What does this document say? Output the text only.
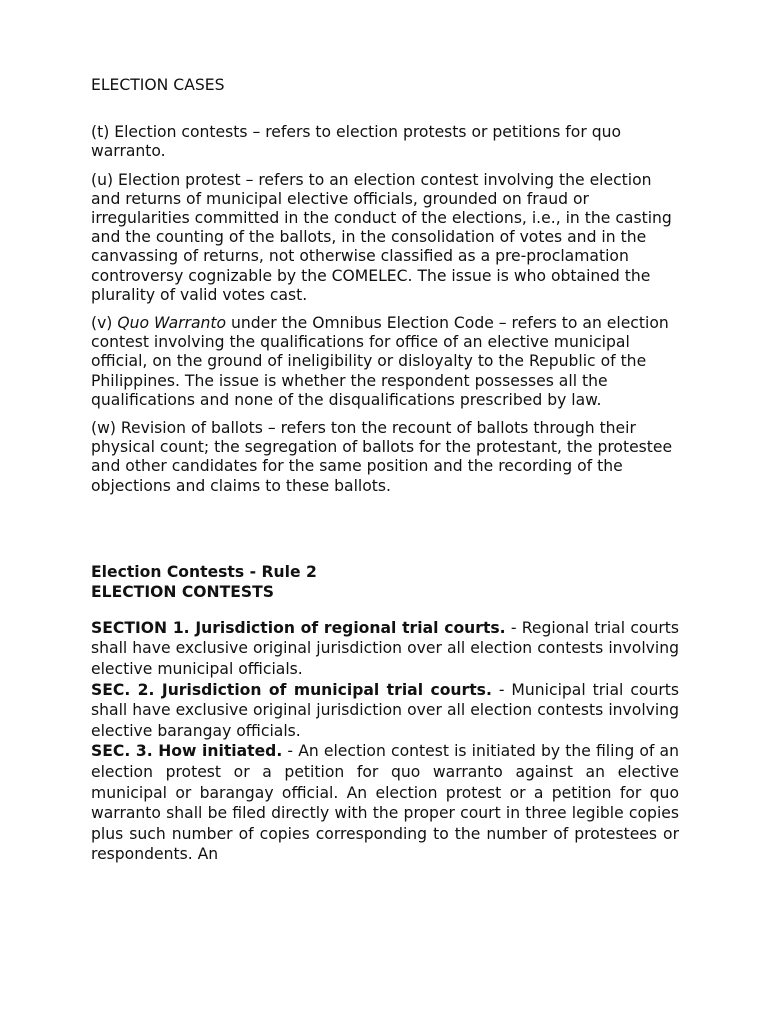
ELECTION CASES

(t) Election contests – refers to election protests or petitions for quo warranto.

(u) Election protest – refers to an election contest involving the election and returns of municipal elective officials, grounded on fraud or irregularities committed in the conduct of the elections, i.e., in the casting and the counting of the ballots, in the consolidation of votes and in the canvassing of returns, not otherwise classified as a pre-proclamation controversy cognizable by the COMELEC. The issue is who obtained the plurality of valid votes cast.

(v) Quo Warranto under the Omnibus Election Code – refers to an election contest involving the qualifications for office of an elective municipal official, on the ground of ineligibility or disloyalty to the Republic of the Philippines. The issue is whether the respondent possesses all the qualifications and none of the disqualifications prescribed by law.

(w) Revision of ballots – refers ton the recount of ballots through their physical count; the segregation of ballots for the protestant, the protestee and other candidates for the same position and the recording of the objections and claims to these ballots.

Election Contests - Rule 2
ELECTION CONTESTS

SECTION 1. Jurisdiction of regional trial courts. - Regional trial courts shall have exclusive original jurisdiction over all election contests involving elective municipal officials.

SEC. 2. Jurisdiction of municipal trial courts. - Municipal trial courts shall have exclusive original jurisdiction over all election contests involving elective barangay officials.

SEC. 3. How initiated. - An election contest is initiated by the filing of an election protest or a petition for quo warranto against an elective municipal or barangay official. An election protest or a petition for quo warranto shall be filed directly with the proper court in three legible copies plus such number of copies corresponding to the number of protestees or respondents. An
